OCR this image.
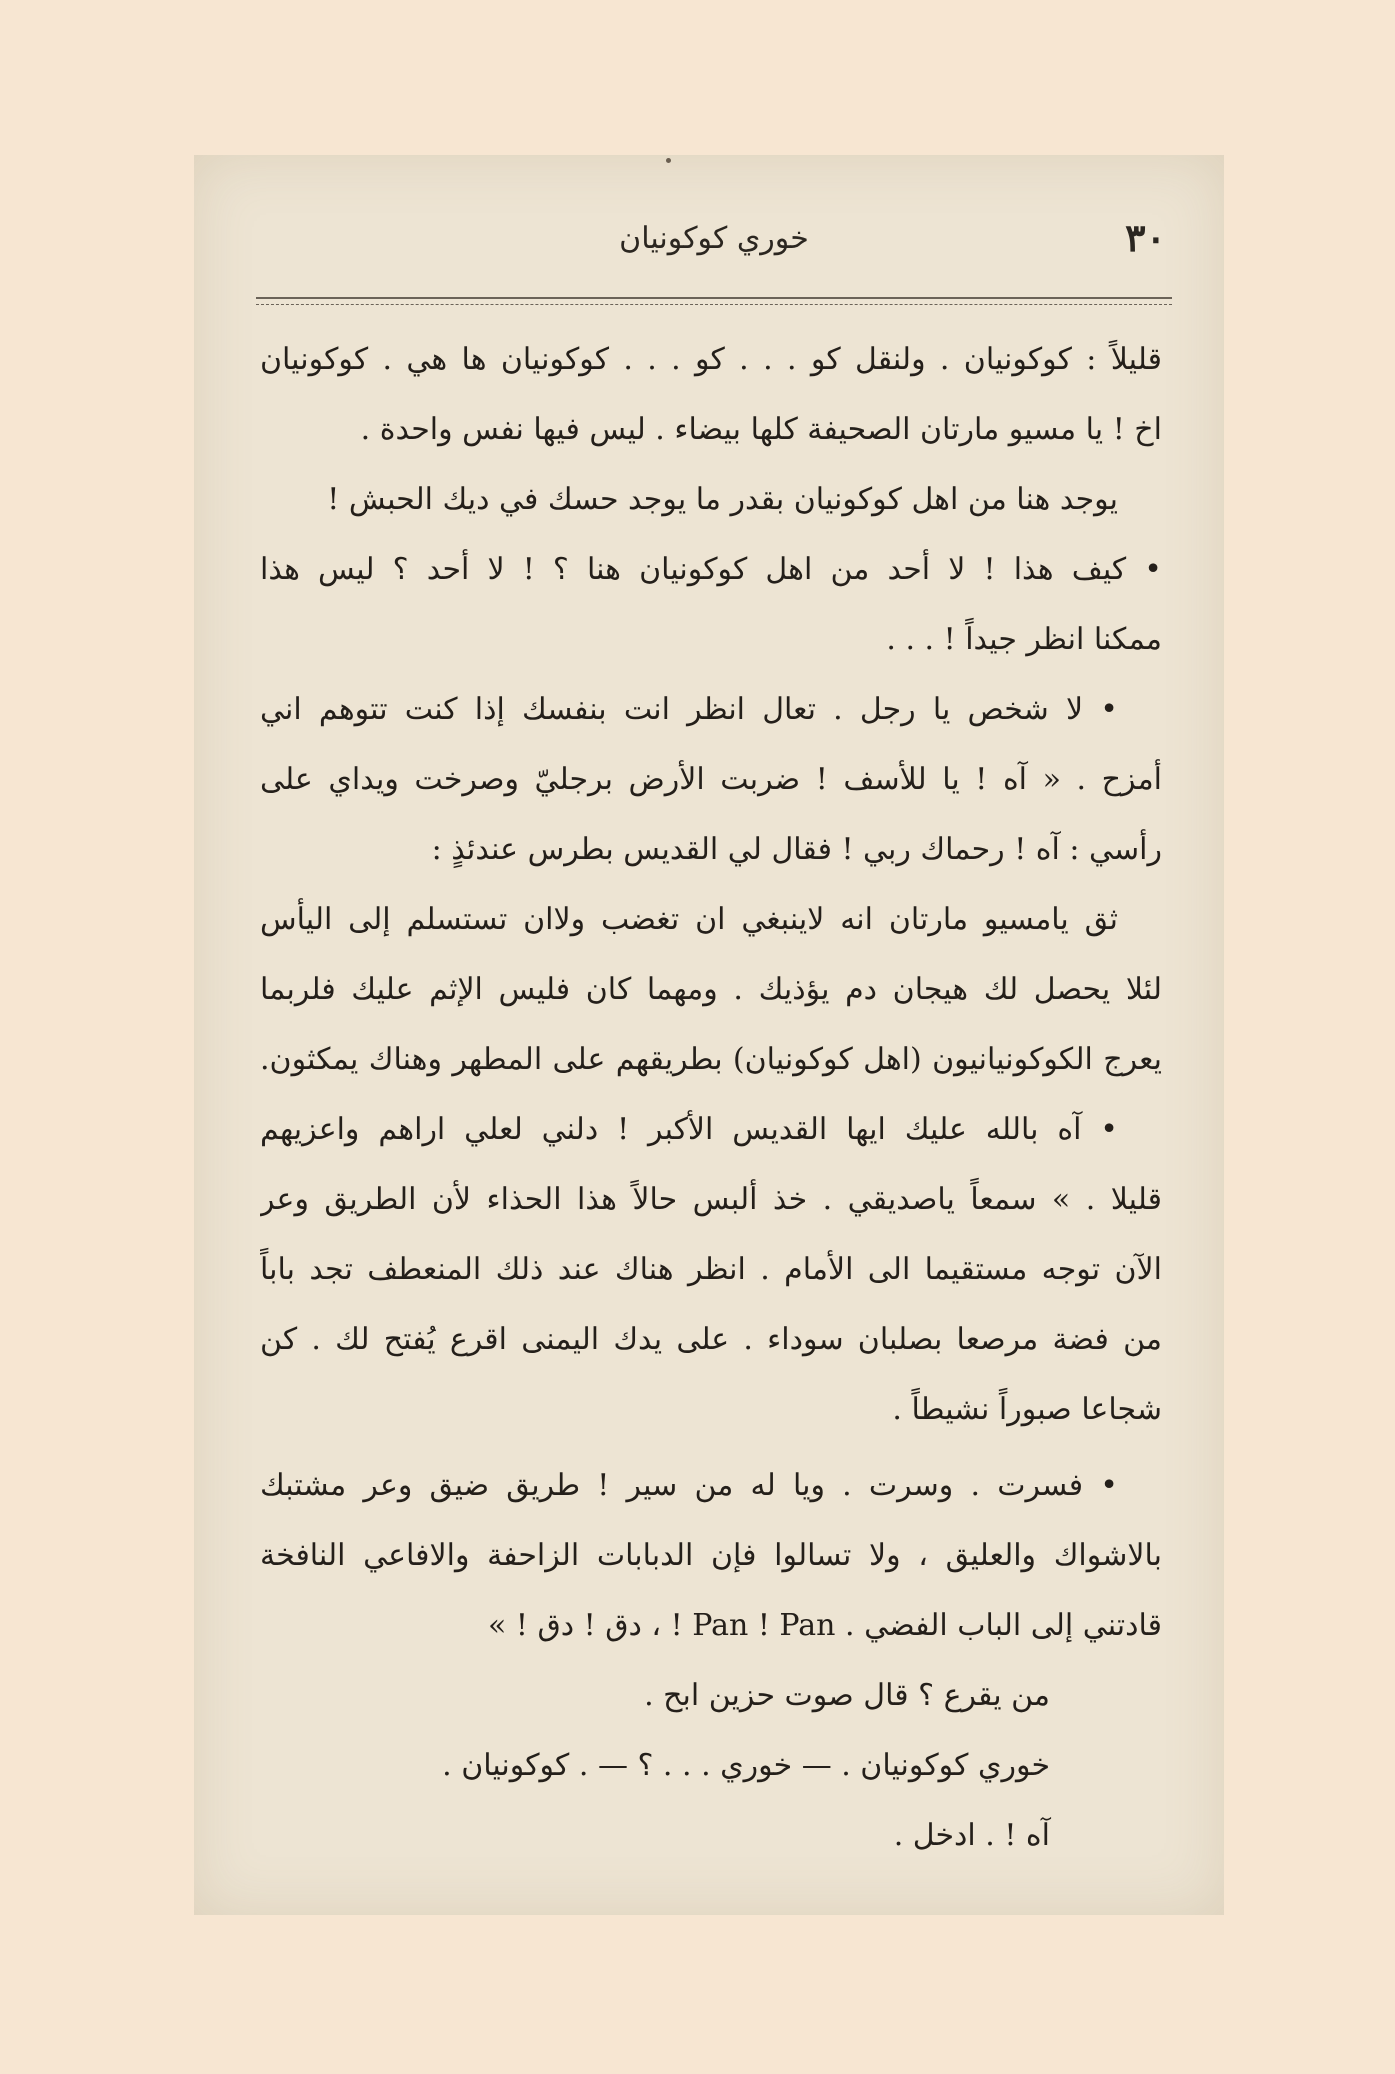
٣٠
خوري كوكونيان
قليلاً : كوكونيان . ولنقل كو . . . كو . . . كوكونيان ها هي . كوكونيان
اخ ! يا مسيو مارتان الصحيفة كلها بيضاء . ليس فيها نفس واحدة .
يوجد هنا من اهل كوكونيان بقدر ما يوجد حسك في ديك الحبش !
• كيف هذا ! لا أحد من اهل كوكونيان هنا ؟ ! لا أحد ؟ ليس هذا
ممكنا انظر جيداً ! . . .
• لا شخص يا رجل . تعال انظر انت بنفسك إذا كنت تتوهم اني
أمزح . « آه ! يا للأسف ! ضربت الأرض برجليّ وصرخت ويداي على
رأسي : آه ! رحماك ربي ! فقال لي القديس بطرس عندئذٍ :
ثق يامسيو مارتان انه لاينبغي ان تغضب ولاان تستسلم إلى اليأس
لئلا يحصل لك هيجان دم يؤذيك . ومهما كان فليس الإثم عليك فلربما
يعرج الكوكونيانيون (اهل كوكونيان) بطريقهم على المطهر وهناك يمكثون.
• آه بالله عليك ايها القديس الأكبر ! دلني لعلي اراهم واعزيهم
قليلا . » سمعاً ياصديقي . خذ ألبس حالاً هذا الحذاء لأن الطريق وعر
الآن توجه مستقيما الى الأمام . انظر هناك عند ذلك المنعطف تجد باباً
من فضة مرصعا بصلبان سوداء . على يدك اليمنى اقرع يُفتح لك . كن
شجاعا صبوراً نشيطاً .
• فسرت . وسرت . ويا له من سير ! طريق ضيق وعر مشتبك
بالاشواك والعليق ، ولا تسالوا فإن الدبابات الزاحفة والافاعي النافخة
قادتني إلى الباب الفضي . Pan ! Pan ! ، دق ! دق ! »
من يقرع ؟ قال صوت حزين ابح .
خوري كوكونيان . — خوري . . . ؟ — . كوكونيان .
آه ! . ادخل .
